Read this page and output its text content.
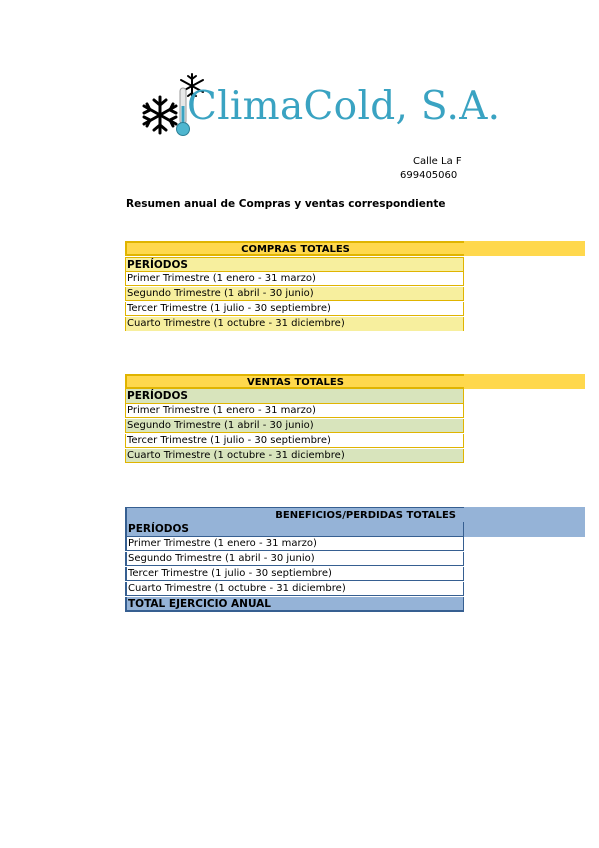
ClimaCold, S.A.
Calle La F
699405060
Resumen anual de Compras y ventas correspondiente
COMPRAS TOTALES
PERÍODOS
Primer Trimestre (1 enero - 31 marzo)
Segundo Trimestre (1 abril - 30 junio)
Tercer Trimestre (1 julio - 30 septiembre)
Cuarto Trimestre (1 octubre - 31 diciembre)
VENTAS TOTALES
PERÍODOS
Primer Trimestre (1 enero - 31 marzo)
Segundo Trimestre (1 abril - 30 junio)
Tercer Trimestre (1 julio - 30 septiembre)
Cuarto Trimestre (1 octubre - 31 diciembre)
BENEFICIOS/PERDIDAS TOTALES
PERÍODOS
Primer Trimestre (1 enero - 31 marzo)
Segundo Trimestre (1 abril - 30 junio)
Tercer Trimestre (1 julio - 30 septiembre)
Cuarto Trimestre (1 octubre - 31 diciembre)
TOTAL EJERCICIO ANUAL
